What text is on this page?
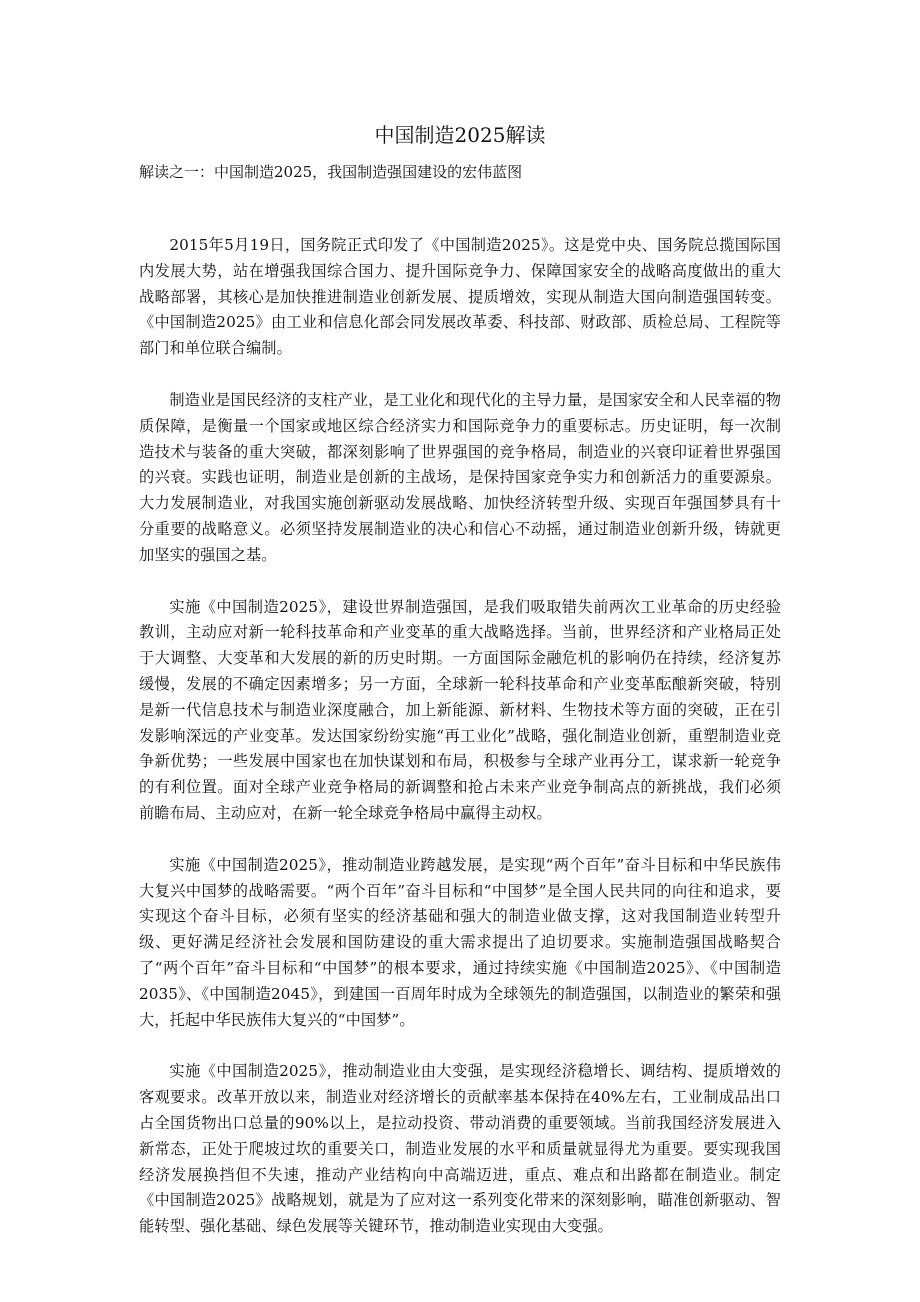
中国制造2025解读
解读之一：中国制造2025，我国制造强国建设的宏伟蓝图

2015年5月19日，国务院正式印发了《中国制造2025》。这是党中央、国务院总揽国际国内发展大势，站在增强我国综合国力、提升国际竞争力、保障国家安全的战略高度做出的重大战略部署，其核心是加快推进制造业创新发展、提质增效，实现从制造大国向制造强国转变。《中国制造2025》由工业和信息化部会同发展改革委、科技部、财政部、质检总局、工程院等部门和单位联合编制。

制造业是国民经济的支柱产业，是工业化和现代化的主导力量，是国家安全和人民幸福的物质保障，是衡量一个国家或地区综合经济实力和国际竞争力的重要标志。历史证明，每一次制造技术与装备的重大突破，都深刻影响了世界强国的竞争格局，制造业的兴衰印证着世界强国的兴衰。实践也证明，制造业是创新的主战场，是保持国家竞争实力和创新活力的重要源泉。大力发展制造业，对我国实施创新驱动发展战略、加快经济转型升级、实现百年强国梦具有十分重要的战略意义。必须坚持发展制造业的决心和信心不动摇，通过制造业创新升级，铸就更加坚实的强国之基。

实施《中国制造2025》，建设世界制造强国，是我们吸取错失前两次工业革命的历史经验教训，主动应对新一轮科技革命和产业变革的重大战略选择。当前，世界经济和产业格局正处于大调整、大变革和大发展的新的历史时期。一方面国际金融危机的影响仍在持续，经济复苏缓慢，发展的不确定因素增多；另一方面，全球新一轮科技革命和产业变革酝酿新突破，特别是新一代信息技术与制造业深度融合，加上新能源、新材料、生物技术等方面的突破，正在引发影响深远的产业变革。发达国家纷纷实施“再工业化”战略，强化制造业创新，重塑制造业竞争新优势；一些发展中国家也在加快谋划和布局，积极参与全球产业再分工，谋求新一轮竞争的有利位置。面对全球产业竞争格局的新调整和抢占未来产业竞争制高点的新挑战，我们必须前瞻布局、主动应对，在新一轮全球竞争格局中赢得主动权。

实施《中国制造2025》，推动制造业跨越发展，是实现“两个百年”奋斗目标和中华民族伟大复兴中国梦的战略需要。“两个百年”奋斗目标和“中国梦”是全国人民共同的向往和追求，要实现这个奋斗目标，必须有坚实的经济基础和强大的制造业做支撑，这对我国制造业转型升级、更好满足经济社会发展和国防建设的重大需求提出了迫切要求。实施制造强国战略契合了“两个百年”奋斗目标和“中国梦”的根本要求，通过持续实施《中国制造2025》、《中国制造2035》、《中国制造2045》，到建国一百周年时成为全球领先的制造强国，以制造业的繁荣和强大，托起中华民族伟大复兴的“中国梦”。

实施《中国制造2025》，推动制造业由大变强，是实现经济稳增长、调结构、提质增效的客观要求。改革开放以来，制造业对经济增长的贡献率基本保持在40%左右，工业制成品出口占全国货物出口总量的90%以上，是拉动投资、带动消费的重要领域。当前我国经济发展进入新常态，正处于爬坡过坎的重要关口，制造业发展的水平和质量就显得尤为重要。要实现我国经济发展换挡但不失速，推动产业结构向中高端迈进，重点、难点和出路都在制造业。制定《中国制造2025》战略规划，就是为了应对这一系列变化带来的深刻影响，瞄准创新驱动、智能转型、强化基础、绿色发展等关键环节，推动制造业实现由大变强。
